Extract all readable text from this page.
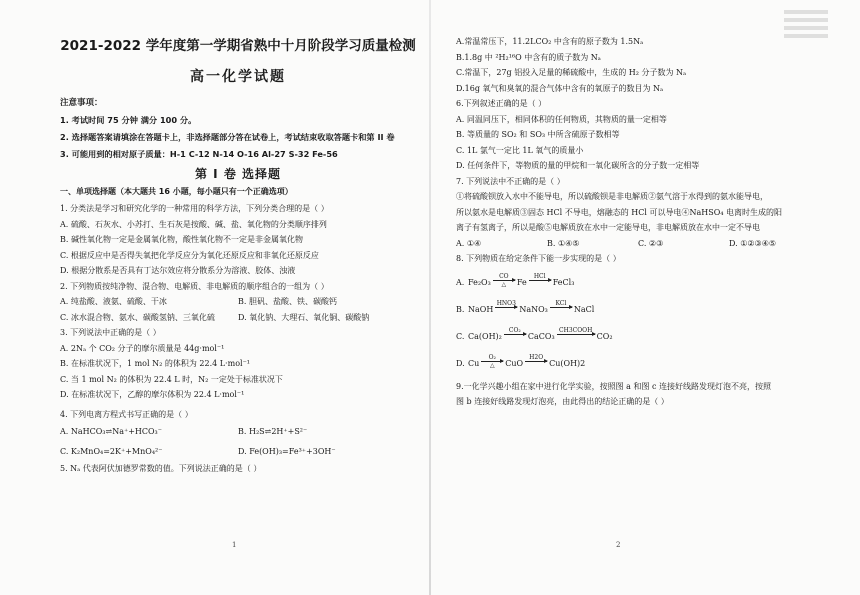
2021-2022 学年度第一学期省熟中十月阶段学习质量检测
高一化学试题
注意事项：

1. 考试时间 75 分钟 满分 100 分。

2. 选择题答案请填涂在答题卡上，非选择题部分答在试卷上，考试结束收取答题卡和第 II 卷

3. 可能用到的相对原子质量：H-1 C-12 N-14 O-16 Al-27 S-32 Fe-56

第 I 卷 选择题
一、单项选择题（本大题共 16 小题，每小题只有一个正确选项）

1. 分类法是学习和研究化学的一种常用的科学方法，下列分类合理的是（ ）

A. 硫酸、石灰水、小苏打、生石灰是按酸、碱、盐、氧化物的分类顺序排列

B. 碱性氧化物一定是金属氧化物，酸性氧化物不一定是非金属氧化物

C. 根据反应中是否得失氧把化学反应分为氧化还原反应和非氧化还原反应

D. 根据分散系是否具有丁达尔效应将分散系分为溶液、胶体、浊液

2. 下列物质按纯净物、混合物、电解质、非电解质的顺序组合的一组为（ ）

A. 纯盐酸、液氨、硫酸、干冰	B. 胆矾、盐酸、铁、碳酸钙
C. 冰水混合物、氨水、碳酸氢钠、三氧化硫	D. 氧化钠、大理石、氧化铜、碳酸钠

3. 下列说法中正确的是（ ）

A. 2Nₐ 个 CO₂ 分子的摩尔质量是 44g·mol⁻¹

B. 在标准状况下，1 mol N₂ 的体积为 22.4 L·mol⁻¹

C. 当 1 mol N₂ 的体积为 22.4 L 时，N₂ 一定处于标准状况下

D. 在标准状况下，乙醇的摩尔体积为 22.4 L·mol⁻¹

4. 下列电离方程式书写正确的是（ ）

A. NaHCO₃⇌Na⁺+HCO₃⁻	B. H₂S⇌2H⁺+S²⁻
C. K₂MnO₄=2K⁺+MnO₄²⁻	D. Fe(OH)₃=Fe³⁺+3OH⁻

5. Nₐ 代表阿伏加德罗常数的值。下列说法正确的是（ ）

1

A.常温常压下，11.2LCO₂ 中含有的原子数为 1.5Nₐ

B.1.8g 中 ²H₂¹⁶O 中含有的质子数为 Nₐ

C.常温下，27g 铝投入足量的稀硫酸中，生成的 H₂ 分子数为 Nₐ

D.16g 氧气和臭氧的混合气体中含有的氧原子的数目为 Nₐ

6.下列叙述正确的是（ ）

A. 同温同压下，相同体积的任何物质，其物质的量一定相等

B. 等质量的 SO₂ 和 SO₃ 中所含硫原子数相等

C. 1L 氯气一定比 1L 氧气的质量小

D. 任何条件下，等物质的量的甲烷和一氧化碳所含的分子数一定相等

7. 下列说法中不正确的是（ ）

①将硫酸钡放入水中不能导电，所以硫酸钡是非电解质②氨气溶于水得到的氨水能导电，

所以氨水是电解质③固态 HCl 不导电，熔融态的 HCl 可以导电④NaHSO₄ 电离时生成的阳

离子有氢离子，所以是酸⑤电解质放在水中一定能导电，非电解质放在水中一定不导电

A. ①④	B. ①④⑤	C. ②③	D. ①②③④⑤

8. 下列物质在给定条件下能一步实现的是（ ）

A. Fe₂O₃
CO
△ Fe
HCl
FeCl₃
B. NaOH
HNO3
NaNO₃
KCl
NaCl
C. Ca(OH)₂
CO₂
CaCO₃
CH3COOH
CO₂
D. Cu
O₂
△ CuO
H2O
Cu(OH)2

9.一化学兴趣小组在家中进行化学实验，按照图 a 和图 c 连接好线路发现灯泡不亮，按照

图 b 连接好线路发现灯泡亮，由此得出的结论正确的是（ ）

2
